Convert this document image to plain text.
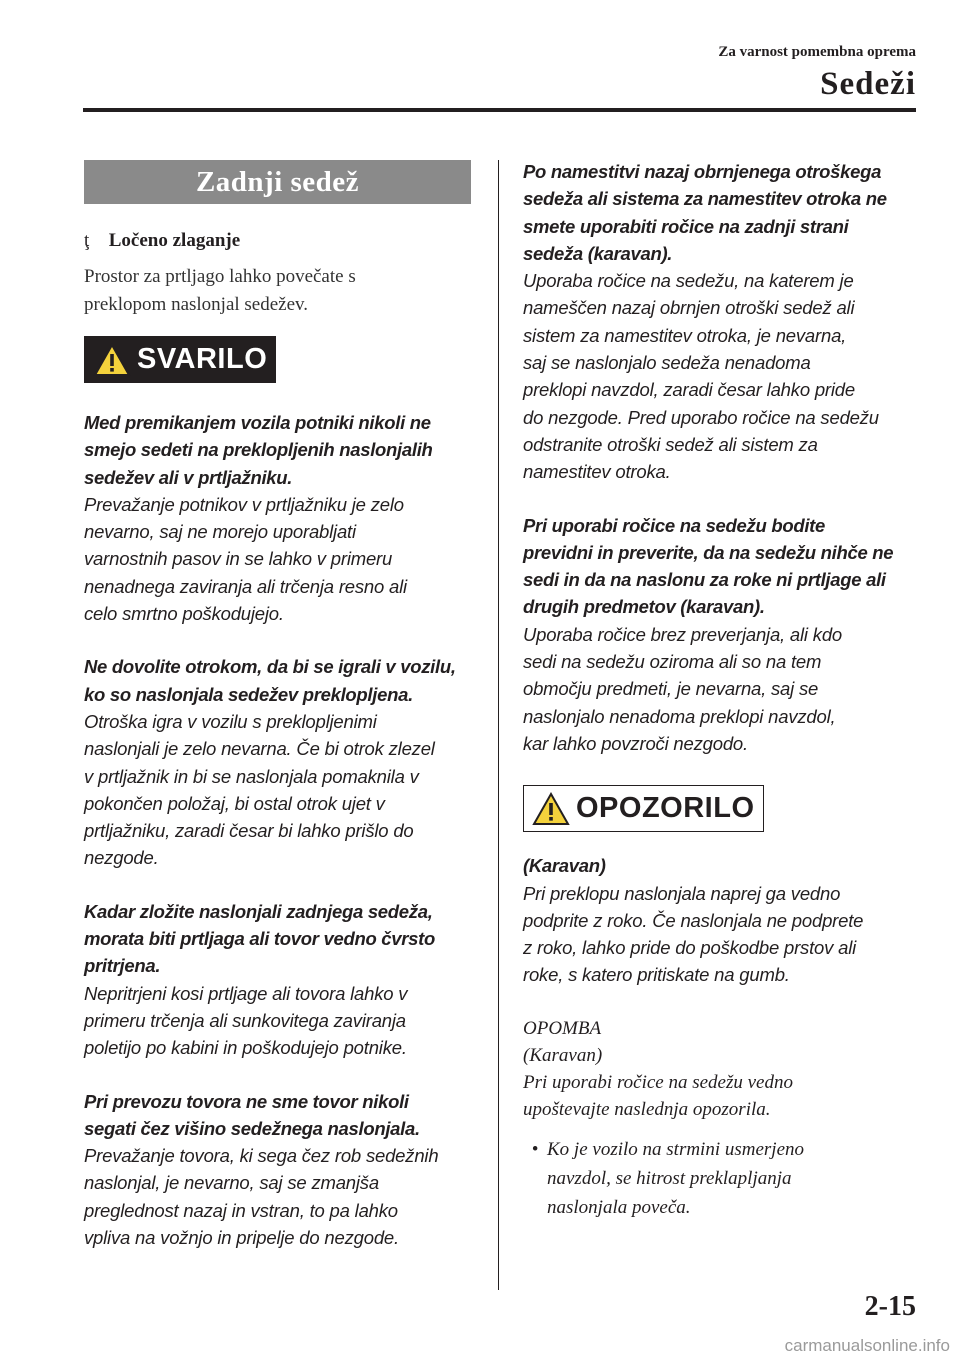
Za varnost pomembna oprema
Sedeži
Zadnji sedež
ţ Ločeno zlaganje
Prostor za prtljago lahko povečate s
preklopom naslonjal sedežev.
SVARILO
Med premikanjem vozila potniki nikoli ne
smejo sedeti na preklopljenih naslonjalih
sedežev ali v prtljažniku.
Prevažanje potnikov v prtljažniku je zelo
nevarno, saj ne morejo uporabljati
varnostnih pasov in se lahko v primeru
nenadnega zaviranja ali trčenja resno ali
celo smrtno poškodujejo.
Ne dovolite otrokom, da bi se igrali v vozilu,
ko so naslonjala sedežev preklopljena.
Otroška igra v vozilu s preklopljenimi
naslonjali je zelo nevarna. Če bi otrok zlezel
v prtljažnik in bi se naslonjala pomaknila v
pokončen položaj, bi ostal otrok ujet v
prtljažniku, zaradi česar bi lahko prišlo do
nezgode.
Kadar zložite naslonjali zadnjega sedeža,
morata biti prtljaga ali tovor vedno čvrsto
pritrjena.
Nepritrjeni kosi prtljage ali tovora lahko v
primeru trčenja ali sunkovitega zaviranja
poletijo po kabini in poškodujejo potnike.
Pri prevozu tovora ne sme tovor nikoli
segati čez višino sedežnega naslonjala.
Prevažanje tovora, ki sega čez rob sedežnih
naslonjal, je nevarno, saj se zmanjša
preglednost nazaj in vstran, to pa lahko
vpliva na vožnjo in pripelje do nezgode.
Po namestitvi nazaj obrnjenega otroškega
sedeža ali sistema za namestitev otroka ne
smete uporabiti ročice na zadnji strani
sedeža (karavan).
Uporaba ročice na sedežu, na katerem je
nameščen nazaj obrnjen otroški sedež ali
sistem za namestitev otroka, je nevarna,
saj se naslonjalo sedeža nenadoma
preklopi navzdol, zaradi česar lahko pride
do nezgode. Pred uporabo ročice na sedežu
odstranite otroški sedež ali sistem za
namestitev otroka.
Pri uporabi ročice na sedežu bodite
previdni in preverite, da na sedežu nihče ne
sedi in da na naslonu za roke ni prtljage ali
drugih predmetov (karavan).
Uporaba ročice brez preverjanja, ali kdo
sedi na sedežu oziroma ali so na tem
območju predmeti, je nevarna, saj se
naslonjalo nenadoma preklopi navzdol,
kar lahko povzroči nezgodo.
OPOZORILO
(Karavan)
Pri preklopu naslonjala naprej ga vedno
podprite z roko. Če naslonjala ne podprete
z roko, lahko pride do poškodbe prstov ali
roke, s katero pritiskate na gumb.
OPOMBA
(Karavan)
Pri uporabi ročice na sedežu vedno
upoštevajte naslednja opozorila.
• Ko je vozilo na strmini usmerjeno
navzdol, se hitrost preklapljanja
naslonjala poveča.
2-15
carmanualsonline.info
